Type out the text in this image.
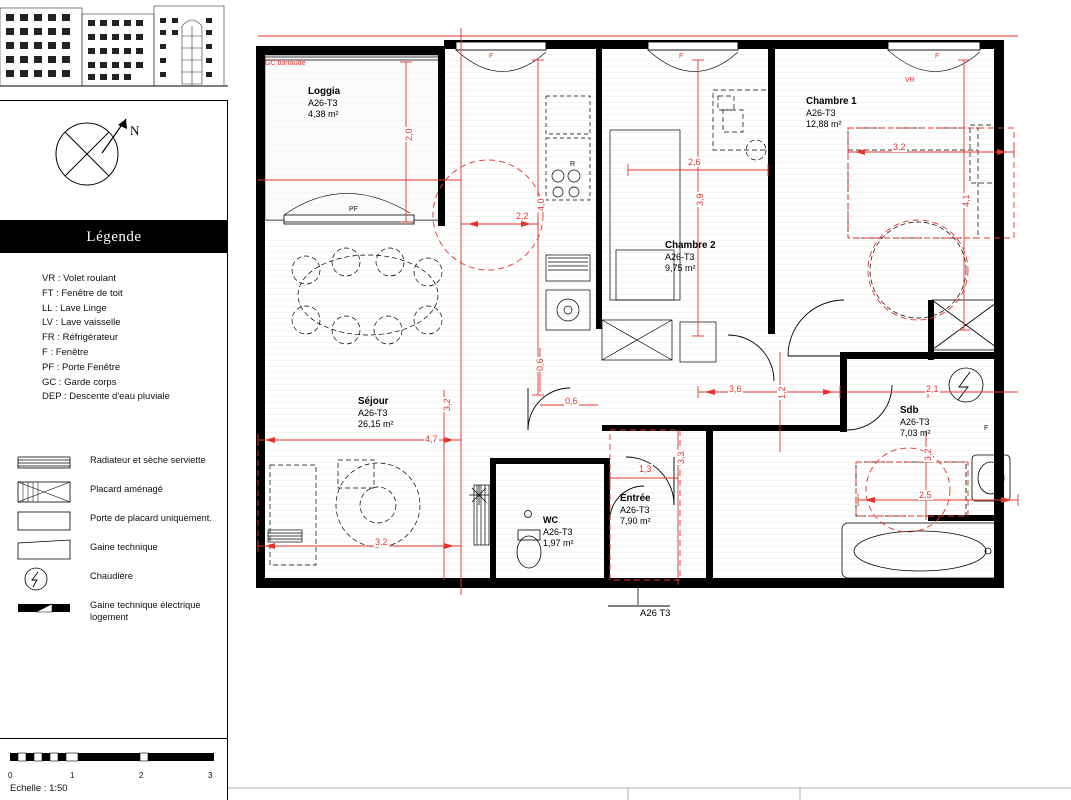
N
Légende
VR : Volet roulant
FT : Fenêtre de toit
LL : Lave Linge
LV : Lave vaisselle
FR : Réfrigérateur
F : Fenêtre
PF : Porte Fenêtre
GC : Garde corps
DEP : Descente d'eau pluviale
Radiateur et sèche serviette
Placard aménagé
Porte de placard uniquement.
Gaine technique
Chaudière
Gaine technique électrique logement
0	1	2	3
Echelle : 1:50
Loggia
A26-T3
4,38 m²
Chambre 1
A26-T3
12,88 m²
Chambre 2
A26-T3
9,75 m²
Séjour
A26-T3
26,15 m²
Sdb
A26-T3
7,03 m²
Entrée
A26-T3
7,90 m²
WC
A26-T3
1,97 m²
A26 T3
2,2
2,0
4,0
2,6
3,9
3,2
4,1
0,6
0,6
3,6	1,2	2,1
3,2
4,7
1,3
3,3	3,2
2,5
3,2
GC barraudé
F	F	F
VR
PF
R
F
